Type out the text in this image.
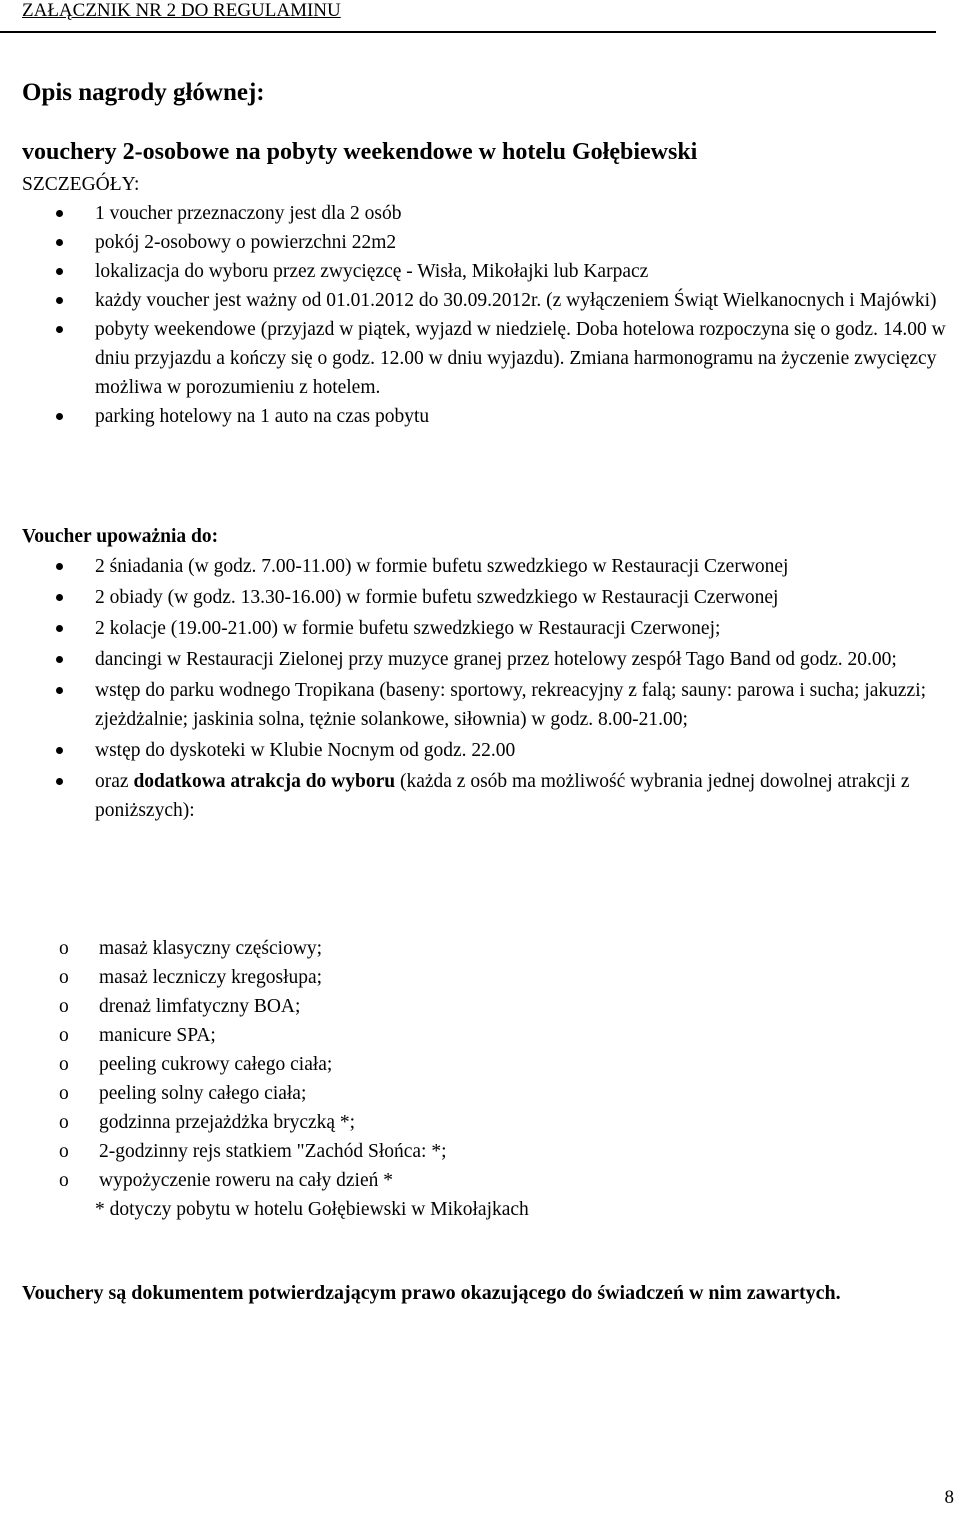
ZAŁĄCZNIK NR 2 DO REGULAMINU
Opis nagrody głównej:
vouchery 2-osobowe na pobyty weekendowe w hotelu Gołębiewski
SZCZEGÓŁY:
1 voucher przeznaczony jest dla 2 osób
pokój 2-osobowy o powierzchni 22m2
lokalizacja do wyboru przez zwycięzcę - Wisła, Mikołajki lub Karpacz
każdy voucher jest ważny od 01.01.2012 do 30.09.2012r. (z wyłączeniem Świąt Wielkanocnych i Majówki)
pobyty weekendowe (przyjazd w piątek, wyjazd w niedzielę. Doba hotelowa rozpoczyna się o godz. 14.00 w dniu przyjazdu a kończy się o godz. 12.00 w dniu wyjazdu). Zmiana harmonogramu na życzenie zwycięzcy możliwa w porozumieniu z hotelem.
parking hotelowy na 1 auto na czas pobytu
Voucher upoważnia do:
2 śniadania (w godz. 7.00-11.00) w formie bufetu szwedzkiego w Restauracji Czerwonej
2 obiady (w godz. 13.30-16.00) w formie bufetu szwedzkiego w Restauracji Czerwonej
2 kolacje (19.00-21.00) w formie bufetu szwedzkiego w Restauracji Czerwonej;
dancingi w Restauracji Zielonej przy muzyce granej przez hotelowy zespół Tago Band od godz. 20.00;
wstęp do parku wodnego Tropikana (baseny: sportowy, rekreacyjny z falą; sauny: parowa i sucha; jakuzzi; zjeżdżalnie; jaskinia solna, tężnie solankowe, siłownia) w godz. 8.00-21.00;
wstęp do dyskoteki w Klubie Nocnym od godz. 22.00
oraz dodatkowa atrakcja do wyboru (każda z osób ma możliwość wybrania jednej dowolnej atrakcji z poniższych):
o masaż klasyczny częściowy;
o masaż leczniczy kregosłupa;
o drenaż limfatyczny BOA;
o manicure SPA;
o peeling cukrowy całego ciała;
o peeling solny całego ciała;
o godzinna przejażdżka bryczką *;
o 2-godzinny rejs statkiem "Zachód Słońca: *;
o wypożyczenie roweru na cały dzień *
* dotyczy pobytu w hotelu Gołębiewski w Mikołajkach
Vouchery są dokumentem potwierdzającym prawo okazującego do świadczeń w nim zawartych.
8
